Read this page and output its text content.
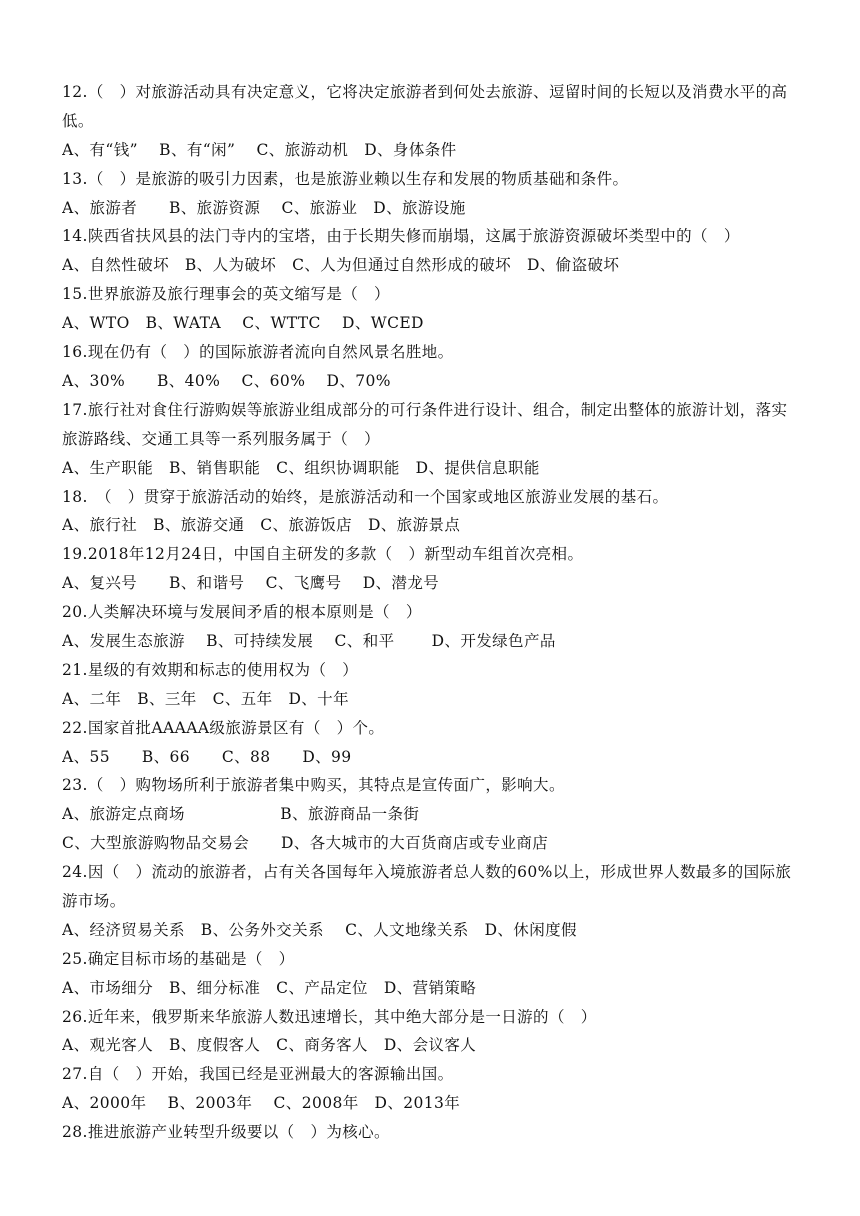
12.（　）对旅游活动具有决定意义，它将决定旅游者到何处去旅游、逗留时间的长短以及消费水平的高低。
A、有“钱”　 B、有“闲”　 C、旅游动机　D、身体条件
13.（　）是旅游的吸引力因素，也是旅游业赖以生存和发展的物质基础和条件。
A、旅游者　　B、旅游资源　 C、旅游业　D、旅游设施
14.陕西省扶风县的法门寺内的宝塔，由于长期失修而崩塌，这属于旅游资源破坏类型中的（　）
A、自然性破坏　B、人为破坏　C、人为但通过自然形成的破坏　D、偷盗破坏
15.世界旅游及旅行理事会的英文缩写是（　）
A、WTO　B、WATA　 C、WTTC　 D、WCED
16.现在仍有（　）的国际旅游者流向自然风景名胜地。
A、30%　　B、40%　 C、60%　 D、70%
17.旅行社对食住行游购娱等旅游业组成部分的可行条件进行设计、组合，制定出整体的旅游计划，落实旅游路线、交通工具等一系列服务属于（　）
A、生产职能　B、销售职能　C、组织协调职能　D、提供信息职能
18.　（　）贯穿于旅游活动的始终，是旅游活动和一个国家或地区旅游业发展的基石。
A、旅行社　B、旅游交通　C、旅游饭店　D、旅游景点
19.2018年12月24日，中国自主研发的多款（　）新型动车组首次亮相。
A、复兴号　　B、和谐号　 C、飞鹰号　 D、潜龙号
20.人类解决环境与发展间矛盾的根本原则是（　）
A、发展生态旅游　 B、可持续发展　 C、和平　　 D、开发绿色产品
21.星级的有效期和标志的使用权为（　）
A、二年　B、三年　C、五年　D、十年
22.国家首批AAAAA级旅游景区有（　）个。
A、55　　B、66　　C、88　　D、99
23.（　）购物场所利于旅游者集中购买，其特点是宣传面广，影响大。
A、旅游定点商场　　　　　　B、旅游商品一条街
C、大型旅游购物品交易会　　D、各大城市的大百货商店或专业商店
24.因（　）流动的旅游者，占有关各国每年入境旅游者总人数的60%以上，形成世界人数最多的国际旅游市场。
A、经济贸易关系　B、公务外交关系　 C、人文地缘关系　D、休闲度假
25.确定目标市场的基础是（　）
A、市场细分　B、细分标准　C、产品定位　D、营销策略
26.近年来，俄罗斯来华旅游人数迅速增长，其中绝大部分是一日游的（　）
A、观光客人　B、度假客人　C、商务客人　D、会议客人
27.自（　）开始，我国已经是亚洲最大的客源输出国。
A、2000年　 B、2003年　 C、2008年　D、2013年
28.推进旅游产业转型升级要以（　）为核心。
